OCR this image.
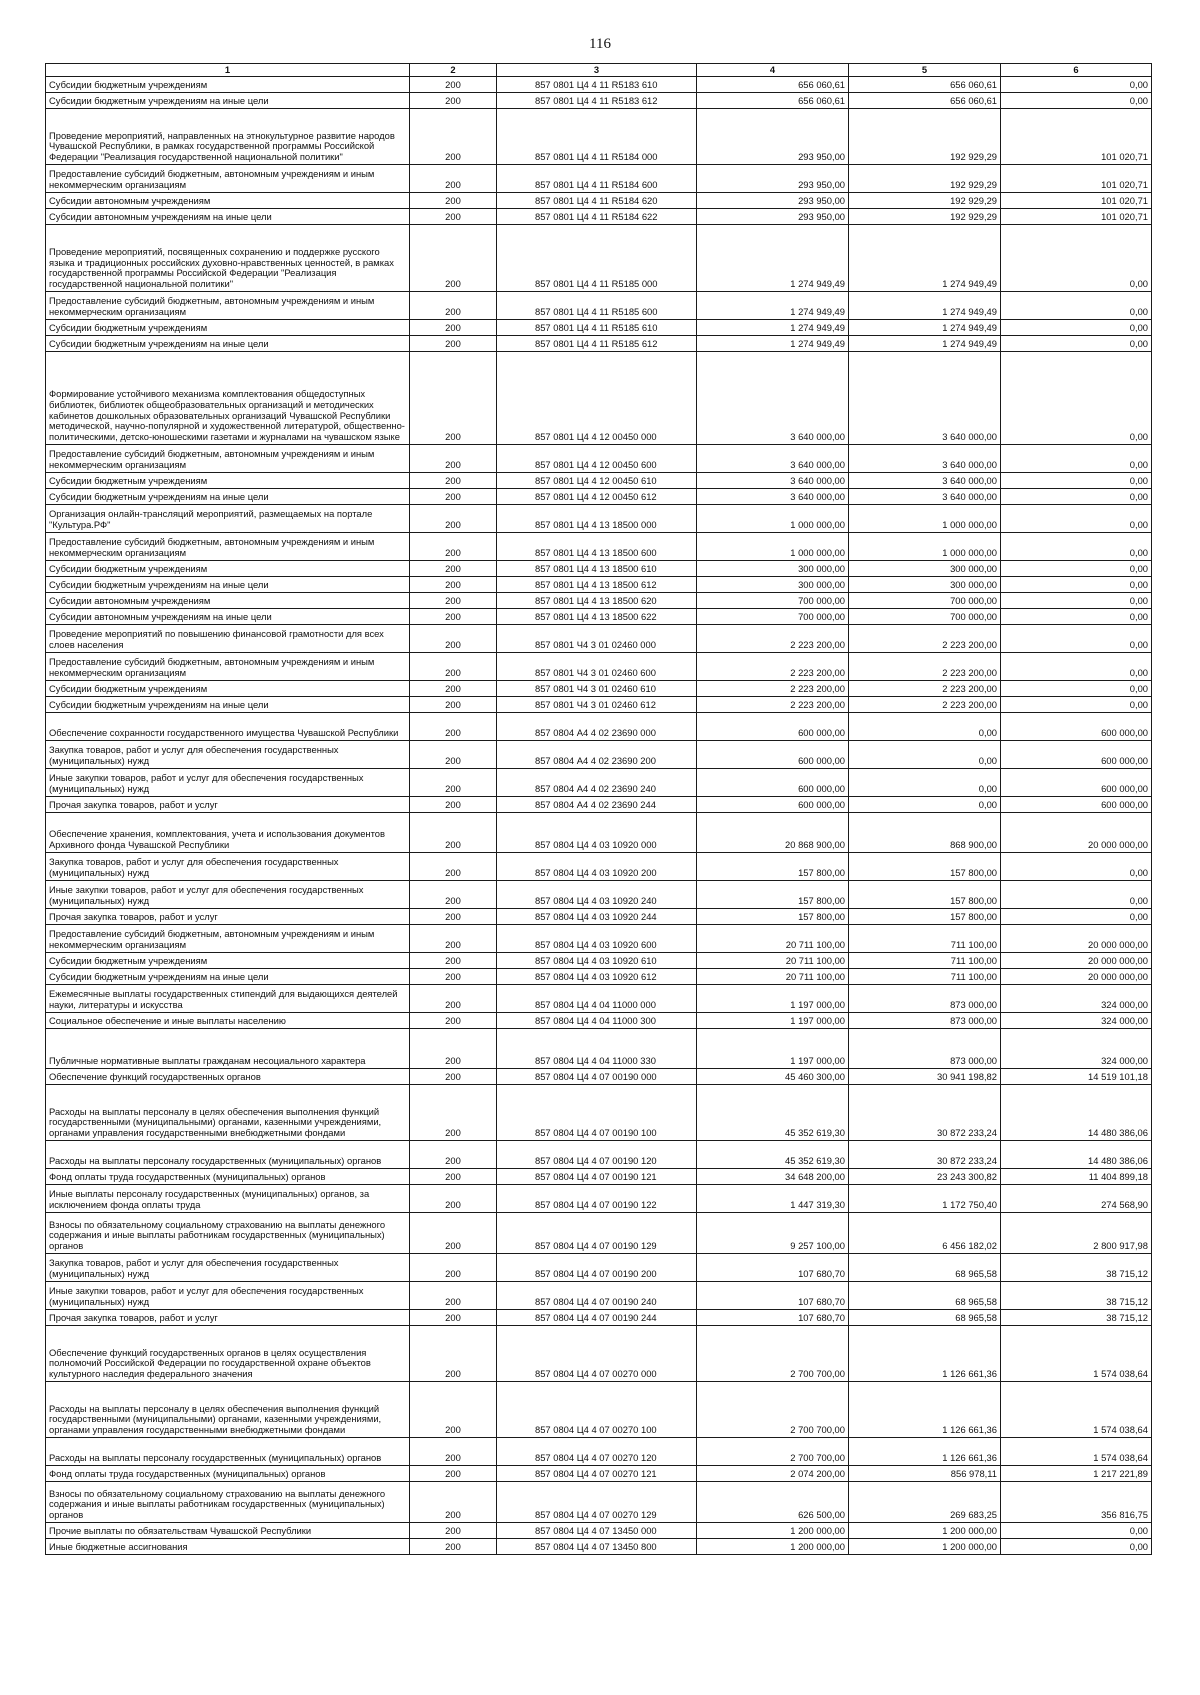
116
1	2	3	4	5	6
Субсидии бюджетным учреждениям	200	857 0801 Ц4 4 11 R5183 610	656 060,61	656 060,61	0,00
Субсидии бюджетным учреждениям на иные цели	200	857 0801 Ц4 4 11 R5183 612	656 060,61	656 060,61	0,00
Проведение мероприятий, направленных на этнокультурное развитие народов Чувашской Республики, в рамках государственной программы Российской Федерации "Реализация государственной национальной политики"	200	857 0801 Ц4 4 11 R5184 000	293 950,00	192 929,29	101 020,71
Предоставление субсидий бюджетным, автономным учреждениям и иным некоммерческим организациям	200	857 0801 Ц4 4 11 R5184 600	293 950,00	192 929,29	101 020,71
Субсидии автономным учреждениям	200	857 0801 Ц4 4 11 R5184 620	293 950,00	192 929,29	101 020,71
Субсидии автономным учреждениям на иные цели	200	857 0801 Ц4 4 11 R5184 622	293 950,00	192 929,29	101 020,71
Проведение мероприятий, посвященных сохранению и поддержке русского языка и традиционных российских духовно-нравственных ценностей, в рамках государственной программы Российской Федерации "Реализация государственной национальной политики"	200	857 0801 Ц4 4 11 R5185 000	1 274 949,49	1 274 949,49	0,00
Предоставление субсидий бюджетным, автономным учреждениям и иным некоммерческим организациям	200	857 0801 Ц4 4 11 R5185 600	1 274 949,49	1 274 949,49	0,00
Субсидии бюджетным учреждениям	200	857 0801 Ц4 4 11 R5185 610	1 274 949,49	1 274 949,49	0,00
Субсидии бюджетным учреждениям на иные цели	200	857 0801 Ц4 4 11 R5185 612	1 274 949,49	1 274 949,49	0,00
Формирование устойчивого механизма комплектования общедоступных библиотек, библиотек общеобразовательных организаций и методических кабинетов дошкольных образовательных организаций Чувашской Республики методической, научно-популярной и художественной литературой, общественно-политическими, детско-юношескими газетами и журналами на чувашском языке	200	857 0801 Ц4 4 12 00450 000	3 640 000,00	3 640 000,00	0,00
Предоставление субсидий бюджетным, автономным учреждениям и иным некоммерческим организациям	200	857 0801 Ц4 4 12 00450 600	3 640 000,00	3 640 000,00	0,00
Субсидии бюджетным учреждениям	200	857 0801 Ц4 4 12 00450 610	3 640 000,00	3 640 000,00	0,00
Субсидии бюджетным учреждениям на иные цели	200	857 0801 Ц4 4 12 00450 612	3 640 000,00	3 640 000,00	0,00
Организация онлайн-трансляций мероприятий, размещаемых на портале "Культура.РФ"	200	857 0801 Ц4 4 13 18500 000	1 000 000,00	1 000 000,00	0,00
Предоставление субсидий бюджетным, автономным учреждениям и иным некоммерческим организациям	200	857 0801 Ц4 4 13 18500 600	1 000 000,00	1 000 000,00	0,00
Субсидии бюджетным учреждениям	200	857 0801 Ц4 4 13 18500 610	300 000,00	300 000,00	0,00
Субсидии бюджетным учреждениям на иные цели	200	857 0801 Ц4 4 13 18500 612	300 000,00	300 000,00	0,00
Субсидии автономным учреждениям	200	857 0801 Ц4 4 13 18500 620	700 000,00	700 000,00	0,00
Субсидии автономным учреждениям на иные цели	200	857 0801 Ц4 4 13 18500 622	700 000,00	700 000,00	0,00
Проведение мероприятий по повышению финансовой грамотности для всех слоев населения	200	857 0801 Ч4 3 01 02460 000	2 223 200,00	2 223 200,00	0,00
Предоставление субсидий бюджетным, автономным учреждениям и иным некоммерческим организациям	200	857 0801 Ч4 3 01 02460 600	2 223 200,00	2 223 200,00	0,00
Субсидии бюджетным учреждениям	200	857 0801 Ч4 3 01 02460 610	2 223 200,00	2 223 200,00	0,00
Субсидии бюджетным учреждениям на иные цели	200	857 0801 Ч4 3 01 02460 612	2 223 200,00	2 223 200,00	0,00
Обеспечение сохранности государственного имущества Чувашской Республики	200	857 0804 А4 4 02 23690 000	600 000,00	0,00	600 000,00
Закупка товаров, работ и услуг для обеспечения государственных (муниципальных) нужд	200	857 0804 А4 4 02 23690 200	600 000,00	0,00	600 000,00
Иные закупки товаров, работ и услуг для обеспечения государственных (муниципальных) нужд	200	857 0804 А4 4 02 23690 240	600 000,00	0,00	600 000,00
Прочая закупка товаров, работ и услуг	200	857 0804 А4 4 02 23690 244	600 000,00	0,00	600 000,00
Обеспечение хранения, комплектования, учета и использования документов Архивного фонда Чувашской Республики	200	857 0804 Ц4 4 03 10920 000	20 868 900,00	868 900,00	20 000 000,00
Закупка товаров, работ и услуг для обеспечения государственных (муниципальных) нужд	200	857 0804 Ц4 4 03 10920 200	157 800,00	157 800,00	0,00
Иные закупки товаров, работ и услуг для обеспечения государственных (муниципальных) нужд	200	857 0804 Ц4 4 03 10920 240	157 800,00	157 800,00	0,00
Прочая закупка товаров, работ и услуг	200	857 0804 Ц4 4 03 10920 244	157 800,00	157 800,00	0,00
Предоставление субсидий бюджетным, автономным учреждениям и иным некоммерческим организациям	200	857 0804 Ц4 4 03 10920 600	20 711 100,00	711 100,00	20 000 000,00
Субсидии бюджетным учреждениям	200	857 0804 Ц4 4 03 10920 610	20 711 100,00	711 100,00	20 000 000,00
Субсидии бюджетным учреждениям на иные цели	200	857 0804 Ц4 4 03 10920 612	20 711 100,00	711 100,00	20 000 000,00
Ежемесячные выплаты государственных стипендий для выдающихся деятелей науки, литературы и искусства	200	857 0804 Ц4 4 04 11000 000	1 197 000,00	873 000,00	324 000,00
Социальное обеспечение и иные выплаты населению	200	857 0804 Ц4 4 04 11000 300	1 197 000,00	873 000,00	324 000,00
Публичные нормативные выплаты гражданам несоциального характера	200	857 0804 Ц4 4 04 11000 330	1 197 000,00	873 000,00	324 000,00
Обеспечение функций государственных органов	200	857 0804 Ц4 4 07 00190 000	45 460 300,00	30 941 198,82	14 519 101,18
Расходы на выплаты персоналу в целях обеспечения выполнения функций государственными (муниципальными) органами, казенными учреждениями, органами управления государственными внебюджетными фондами	200	857 0804 Ц4 4 07 00190 100	45 352 619,30	30 872 233,24	14 480 386,06
Расходы на выплаты персоналу государственных (муниципальных) органов	200	857 0804 Ц4 4 07 00190 120	45 352 619,30	30 872 233,24	14 480 386,06
Фонд оплаты труда государственных (муниципальных) органов	200	857 0804 Ц4 4 07 00190 121	34 648 200,00	23 243 300,82	11 404 899,18
Иные выплаты персоналу государственных (муниципальных) органов, за исключением фонда оплаты труда	200	857 0804 Ц4 4 07 00190 122	1 447 319,30	1 172 750,40	274 568,90
Взносы по обязательному социальному страхованию на выплаты денежного содержания и иные выплаты работникам государственных (муниципальных) органов	200	857 0804 Ц4 4 07 00190 129	9 257 100,00	6 456 182,02	2 800 917,98
Закупка товаров, работ и услуг для обеспечения государственных (муниципальных) нужд	200	857 0804 Ц4 4 07 00190 200	107 680,70	68 965,58	38 715,12
Иные закупки товаров, работ и услуг для обеспечения государственных (муниципальных) нужд	200	857 0804 Ц4 4 07 00190 240	107 680,70	68 965,58	38 715,12
Прочая закупка товаров, работ и услуг	200	857 0804 Ц4 4 07 00190 244	107 680,70	68 965,58	38 715,12
Обеспечение функций государственных органов в целях осуществления полномочий Российской Федерации по государственной охране объектов культурного наследия федерального значения	200	857 0804 Ц4 4 07 00270 000	2 700 700,00	1 126 661,36	1 574 038,64
Расходы на выплаты персоналу в целях обеспечения выполнения функций государственными (муниципальными) органами, казенными учреждениями, органами управления государственными внебюджетными фондами	200	857 0804 Ц4 4 07 00270 100	2 700 700,00	1 126 661,36	1 574 038,64
Расходы на выплаты персоналу государственных (муниципальных) органов	200	857 0804 Ц4 4 07 00270 120	2 700 700,00	1 126 661,36	1 574 038,64
Фонд оплаты труда государственных (муниципальных) органов	200	857 0804 Ц4 4 07 00270 121	2 074 200,00	856 978,11	1 217 221,89
Взносы по обязательному социальному страхованию на выплаты денежного содержания и иные выплаты работникам государственных (муниципальных) органов	200	857 0804 Ц4 4 07 00270 129	626 500,00	269 683,25	356 816,75
Прочие выплаты по обязательствам Чувашской Республики	200	857 0804 Ц4 4 07 13450 000	1 200 000,00	1 200 000,00	0,00
Иные бюджетные ассигнования	200	857 0804 Ц4 4 07 13450 800	1 200 000,00	1 200 000,00	0,00
